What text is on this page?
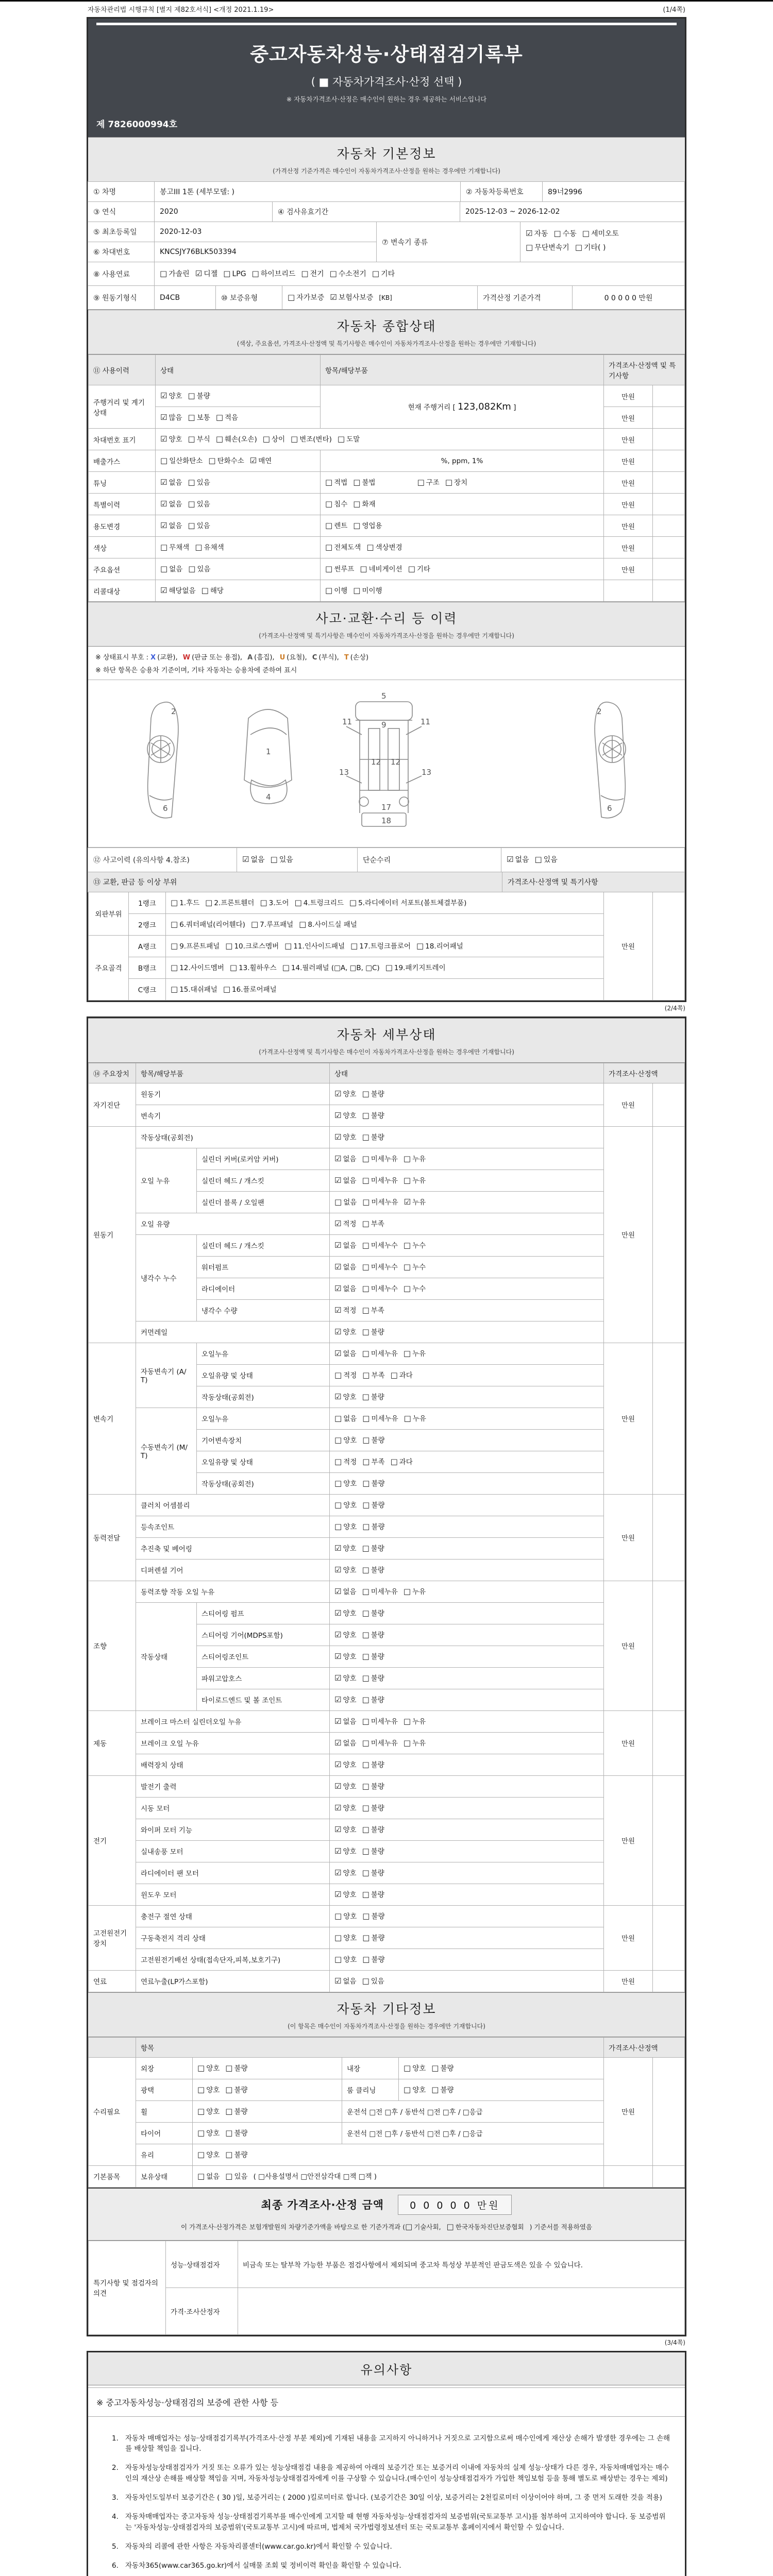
자동차관리법 시행규칙 [별지 제82호서식] <개정 2021.1.19>	(1/4쪽)
중고자동차성능·상태점검기록부
( ■ 자동차가격조사·산정 선택 )
※ 자동차가격조사·산정은 매수인이 원하는 경우 제공하는 서비스입니다
제 7826000994호
자동차 기본정보
(가격산정 기준가격은 매수인이 자동차가격조사·산정을 원하는 경우에만 기재합니다)
① 차명	봉고III 1톤 (세부모델: )	② 자동차등록번호	89너2996
③ 연식	2020	④ 검사유효기간	2025-12-03 ~ 2026-12-02
⑤ 최초등록일	2020-12-03
⑥ 차대번호	KNCSJY76BLK503394
⑦ 변속기 종류
☑ 자동 □ 수동 □ 세미오토
□ 무단변속기 □ 기타( )
⑧ 사용연료	□ 가솔린 ☑ 디젤 □ LPG □ 하이브리드 □ 전기 □ 수소전기 □ 기타
⑨ 원동기형식	D4CB	⑩ 보증유형	□ 자가보증 ☑ 보험사보증 [KB]	가격산정 기준가격	0 0 0 0 0 만원
자동차 종합상태
(색상, 주요옵션, 가격조사·산정액 및 특기사항은 매수인이 자동차가격조사·산정을 원하는 경우에만 기재합니다)
⑪ 사용이력	상태	항목/해당부품	가격조사·산정액 및 특기사항	
주행거리 및 계기상태	☑ 양호 □ 불량	현재 주행거리 [ 123,082Km ]	만원	
	☑ 많음 □ 보통 □ 적음		만원	
차대번호 표기	☑ 양호 □ 부식 □ 훼손(오손) □ 상이 □ 변조(변타) □ 도말		만원	
배출가스	□ 일산화탄소 □ 탄화수소 ☑ 매연	%, ppm, 1%	만원	
튜닝	☑ 없음 □ 있음	□ 적법 □ 불법 □ 구조 □ 장치	만원	
특별이력	☑ 없음 □ 있음	□ 침수 □ 화재	만원	
용도변경	☑ 없음 □ 있음	□ 렌트 □ 영업용	만원	
색상	□ 무채색 □ 유채색	□ 전체도색 □ 색상변경	만원	
주요옵션	□ 없음 □ 있음	□ 썬루프 □ 네비게이션 □ 기타	만원	
리콜대상	☑ 해당없음 □ 해당	□ 이행 □ 미이행		
사고·교환·수리 등 이력
(가격조사·산정액 및 특기사항은 매수인이 자동차가격조사·산정을 원하는 경우에만 기재합니다)
※ 상태표시 부호 : X (교환), W (판금 또는 용접), A (흠집), U (요철), C (부식), T (손상)
※ 하단 항목은 승용차 기준이며, 기타 자동차는 승용차에 준하여 표시
2
6
1
4
5
9
11	11
13	13
12 12
17
18
2
6
⑫ 사고이력 (유의사항 4.참조)	☑ 없음 □ 있음	단순수리	☑ 없음 □ 있음
⑬ 교환, 판금 등 이상 부위	가격조사·산정액 및 특기사항
외판부위	1랭크	□ 1.후드 □ 2.프론트휀더 □ 3.도어 □ 4.트렁크리드 □ 5.라디에이터 서포트(볼트체결부품)	만원	
	2랭크	□ 6.쿼터패널(리어휀다) □ 7.루프패널 □ 8.사이드실 패널		
주요골격	A랭크	□ 9.프론트패널 □ 10.크로스멤버 □ 11.인사이드패널 □ 17.트렁크플로어 □ 18.리어패널		
	B랭크	□ 12.사이드멤버 □ 13.휠하우스 □ 14.필러패널 (□A, □B, □C) □ 19.패키지트레이		
	C랭크	□ 15.대쉬패널 □ 16.플로어패널		
(2/4쪽)
자동차 세부상태
(가격조사·산정액 및 특기사항은 매수인이 자동차가격조사·산정을 원하는 경우에만 기재합니다)
⑭ 주요장치	항목/해당부품		상태	가격조사·산정액	
자기진단	원동기		☑ 양호 □ 불량	만원	
	변속기		☑ 양호 □ 불량		
원동기	작동상태(공회전)		☑ 양호 □ 불량	만원	
	오일 누유	실린더 커버(로커암 커버)	☑ 없음 □ 미세누유 □ 누유		
		실린더 헤드 / 개스킷	☑ 없음 □ 미세누유 □ 누유		
		실린더 블록 / 오일팬	□ 없음 □ 미세누유 ☑ 누유		
	오일 유량		☑ 적정 □ 부족		
	냉각수 누수	실린더 헤드 / 개스킷	☑ 없음 □ 미세누수 □ 누수		
		워터펌프	☑ 없음 □ 미세누수 □ 누수		
		라디에이터	☑ 없음 □ 미세누수 □ 누수		
		냉각수 수량	☑ 적정 □ 부족		
	커먼레일		☑ 양호 □ 불량		
변속기	자동변속기 (A/T)	오일누유	☑ 없음 □ 미세누유 □ 누유	만원	
		오일유량 및 상태	□ 적정 □ 부족 □ 과다		
		작동상태(공회전)	☑ 양호 □ 불량		
	수동변속기 (M/T)	오일누유	□ 없음 □ 미세누유 □ 누유		
		기어변속장치	□ 양호 □ 불량		
		오일유량 및 상태	□ 적정 □ 부족 □ 과다		
		작동상태(공회전)	□ 양호 □ 불량		
동력전달	클러치 어셈블리		□ 양호 □ 불량	만원	
	등속조인트		□ 양호 □ 불량		
	추진축 및 베어링		☑ 양호 □ 불량		
	디퍼렌셜 기어		☑ 양호 □ 불량		
조향	동력조향 작동 오일 누유		☑ 없음 □ 미세누유 □ 누유	만원	
	작동상태	스티어링 펌프	☑ 양호 □ 불량		
		스티어링 기어(MDPS포함)	☑ 양호 □ 불량		
		스티어링조인트	☑ 양호 □ 불량		
		파워고압호스	☑ 양호 □ 불량		
		타이로드엔드 및 볼 조인트	☑ 양호 □ 불량		
제동	브레이크 마스터 실린더오일 누유		☑ 없음 □ 미세누유 □ 누유	만원	
	브레이크 오일 누유		☑ 없음 □ 미세누유 □ 누유		
	배력장치 상태		☑ 양호 □ 불량		
전기	발전기 출력		☑ 양호 □ 불량	만원	
	시동 모터		☑ 양호 □ 불량		
	와이퍼 모터 기능		☑ 양호 □ 불량		
	실내송풍 모터		☑ 양호 □ 불량		
	라디에이터 팬 모터		☑ 양호 □ 불량		
	윈도우 모터		☑ 양호 □ 불량		
고전원전기장치	충전구 절연 상태		□ 양호 □ 불량	만원	
	구동축전지 격리 상태		□ 양호 □ 불량		
	고전원전기배선 상태(접속단자,피복,보호기구)		□ 양호 □ 불량		
연료	연료누출(LP가스포함)		☑ 없음 □ 있음	만원	
자동차 기타정보
(이 항목은 매수인이 자동차가격조사·산정을 원하는 경우에만 기재합니다)
	항목				가격조사·산정액	
수리필요	외장	□ 양호 □ 불량	내장	□ 양호 □ 불량	만원	
	광택	□ 양호 □ 불량	룸 클리닝	□ 양호 □ 불량		
	휠	□ 양호 □ 불량	운전석 □전 □후 / 동반석 □전 □후 / □응급			
	타이어	□ 양호 □ 불량	운전석 □전 □후 / 동반석 □전 □후 / □응급			
	유리	□ 양호 □ 불량				
기본품목	보유상태	□ 없음 □ 있음 ( □사용설명서 □안전삼각대 □잭 □잭 )				
최종 가격조사·산정 금액	0 0 0 0 0 만원
이 가격조사·산정가격은 보험개발원의 차량기준가액을 바탕으로 한 기준가격과 (□ 기술사회, □ 한국자동차진단보증협회 ) 기준서를 적용하였음
특기사항 및 점검자의 의견	성능·상태점검자	비금속 또는 탈부착 가능한 부품은 점검사항에서 제외되며 중고차 특성상 부분적인 판금도색은 있을 수 있습니다.
	가격·조사산정자	
(3/4쪽)
유의사항
※ 중고자동차성능·상태점검의 보증에 관한 사항 등
1. 자동차 매매업자는 성능·상태점검기록부(가격조사·산정 부분 제외)에 기재된 내용을 고지하지 아니하거나 거짓으로 고지함으로써 매수인에게 재산상 손해가 발생한 경우에는 그 손해를 배상할 책임을 집니다.
2. 자동차성능상태점검자가 거짓 또는 오류가 있는 성능상태점검 내용을 제공하여 아래의 보증기간 또는 보증거리 이내에 자동차의 실제 성능·상태가 다른 경우, 자동차매매업자는 매수인의 재산상 손해를 배상할 책임을 지며, 자동차성능상태점검자에게 이를 구상할 수 있습니다.(매수인이 성능상태점검자가 가입한 책임보험 등을 통해 별도로 배상받는 경우는 제외)
3. 자동차인도일부터 보증기간은 ( 30 )일, 보증거리는 ( 2000 )킬로미터로 합니다. (보증기간은 30일 이상, 보증거리는 2천킬로미터 이상이어야 하며, 그 중 먼저 도래한 것을 적용)
4. 자동차매매업자는 중고자동차 성능·상태점검기록부를 매수인에게 고지할 때 현행 자동차성능·상태점검자의 보증범위(국토교통부 고시)를 첨부하여 고지하여야 합니다. 동 보증범위는 '자동차성능·상태점검자의 보증범위'(국토교통부 고시)에 따르며, 법제처 국가법령정보센터 또는 국토교통부 홈페이지에서 확인할 수 있습니다.
5. 자동차의 리콜에 관한 사항은 자동차리콜센터(www.car.go.kr)에서 확인할 수 있습니다.
6. 자동차365(www.car365.go.kr)에서 실매물 조회 및 정비이력 확인을 확인할 수 있습니다.
